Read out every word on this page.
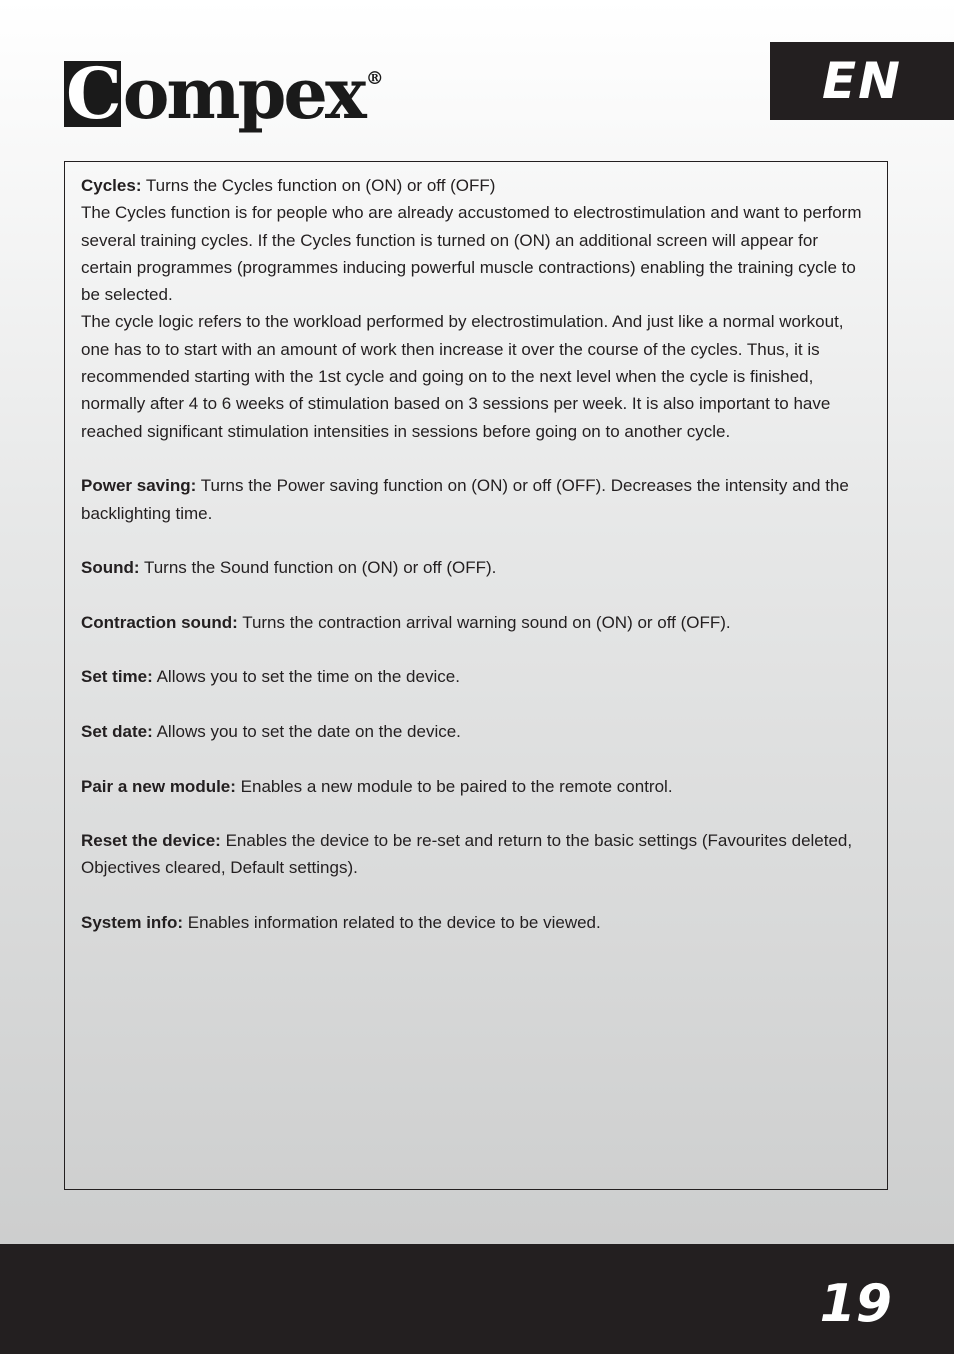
Compex ®	EN

Cycles: Turns the Cycles function on (ON) or off (OFF)

The Cycles function is for people who are already accustomed to electrostimulation and want to perform several training cycles. If the Cycles function is turned on (ON) an additional screen will appear for certain programmes (programmes inducing powerful muscle contractions) enabling the training cycle to be selected.

The cycle logic refers to the workload performed by electrostimulation. And just like a normal workout, one has to to start with an amount of work then increase it over the course of the cycles. Thus, it is recommended starting with the 1st cycle and going on to the next level when the cycle is finished, normally after 4 to 6 weeks of stimulation based on 3 sessions per week. It is also important to have reached significant stimulation intensities in sessions before going on to another cycle.

Power saving: Turns the Power saving function on (ON) or off (OFF). Decreases the intensity and the backlighting time.

Sound: Turns the Sound function on (ON) or off (OFF).

Contraction sound: Turns the contraction arrival warning sound on (ON) or off (OFF).

Set time: Allows you to set the time on the device.

Set date: Allows you to set the date on the device.

Pair a new module: Enables a new module to be paired to the remote control.

Reset the device: Enables the device to be re-set and return to the basic settings (Favourites deleted, Objectives cleared, Default settings).

System info: Enables information related to the device to be viewed.

19
